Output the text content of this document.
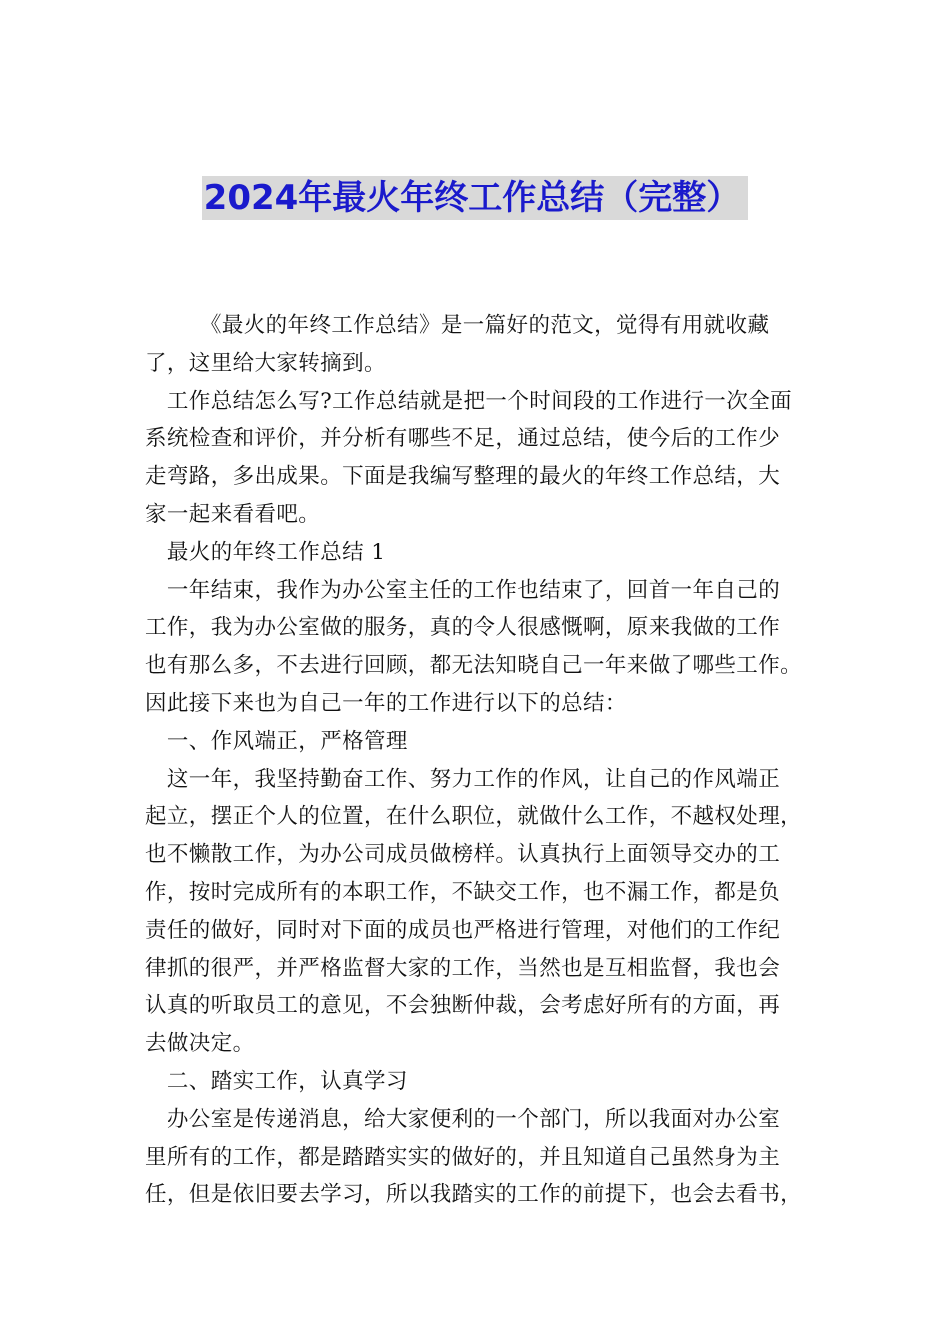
2024年最火年终工作总结（完整）
　　　《最火的年终工作总结》是一篇好的范文，觉得有用就收藏
了，这里给大家转摘到。
　工作总结怎么写?工作总结就是把一个时间段的工作进行一次全面
系统检查和评价，并分析有哪些不足，通过总结，使今后的工作少
走弯路，多出成果。下面是我编写整理的最火的年终工作总结，大
家一起来看看吧。
　最火的年终工作总结 1
　一年结束，我作为办公室主任的工作也结束了，回首一年自己的
工作，我为办公室做的服务，真的令人很感慨啊，原来我做的工作
也有那么多，不去进行回顾，都无法知晓自己一年来做了哪些工作。
因此接下来也为自己一年的工作进行以下的总结：
　一、作风端正，严格管理
　这一年，我坚持勤奋工作、努力工作的作风，让自己的作风端正
起立，摆正个人的位置，在什么职位，就做什么工作，不越权处理，
也不懒散工作，为办公司成员做榜样。认真执行上面领导交办的工
作，按时完成所有的本职工作，不缺交工作，也不漏工作，都是负
责任的做好，同时对下面的成员也严格进行管理，对他们的工作纪
律抓的很严，并严格监督大家的工作，当然也是互相监督，我也会
认真的听取员工的意见，不会独断仲裁，会考虑好所有的方面，再
去做决定。
　二、踏实工作，认真学习
　办公室是传递消息，给大家便利的一个部门，所以我面对办公室
里所有的工作，都是踏踏实实的做好的，并且知道自己虽然身为主
任，但是依旧要去学习，所以我踏实的工作的前提下，也会去看书，
